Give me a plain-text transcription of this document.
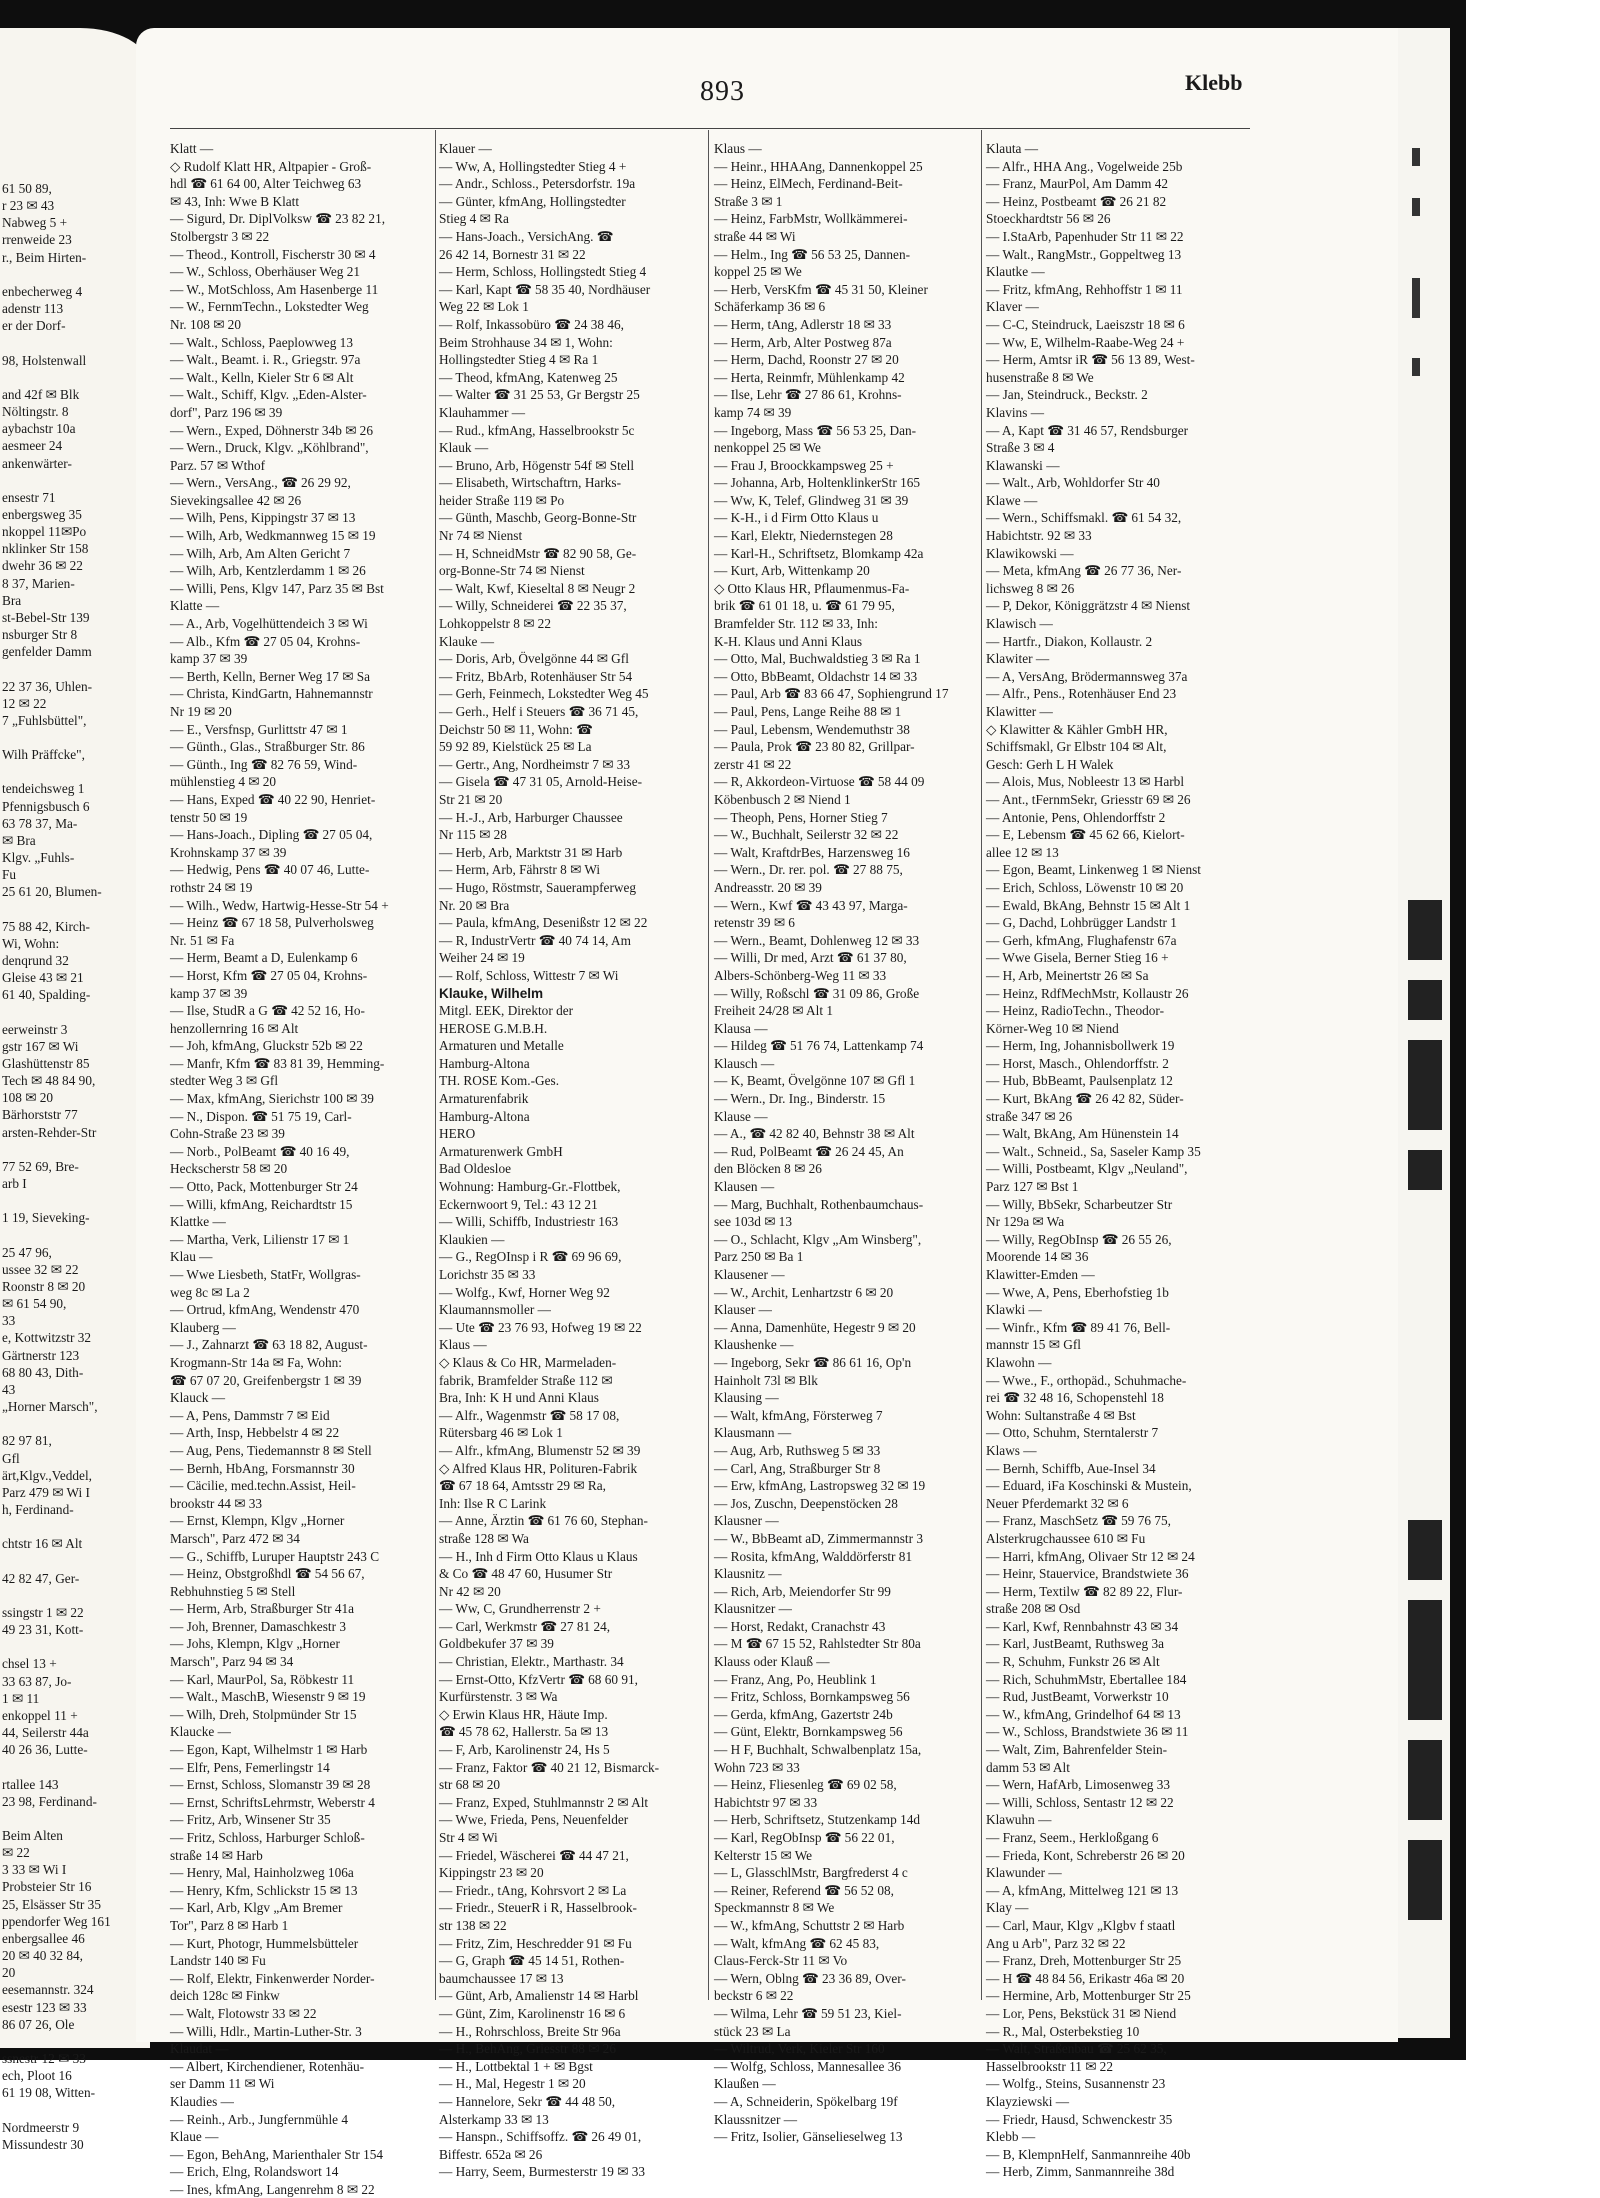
61 50 89,
r 23 ✉ 43
Nabweg 5 +
rrenweide 23
r., Beim Hirten-

enbecherweg 4
adenstr 113
er der Dorf-

98, Holstenwall

and 42f ✉ Blk
Nöltingstr. 8
aybachstr 10a
aesmeer 24
ankenwärter-

ensestr 71
enbergsweg 35
nkoppel 11✉Po
nklinker Str 158
dwehr 36 ✉ 22
8 37, Marien-
Bra
st-Bebel-Str 139
nsburger Str 8
genfelder Damm

22 37 36, Uhlen-
12 ✉ 22
7 „Fuhlsbüttel",

Wilh Präffcke",

tendeichsweg 1
Pfennigsbusch 6
63 78 37, Ma-
✉ Bra
Klgv. „Fuhls-
Fu
25 61 20, Blumen-

75 88 42, Kirch-
Wi, Wohn:
denqrund 32
Gleise 43 ✉ 21
61 40, Spalding-

eerweinstr 3
gstr 167 ✉ Wi
Glashüttenstr 85
Tech ✉ 48 84 90,
108 ✉ 20
Bärhorststr 77
arsten-Rehder-Str

77 52 69, Bre-
arb I

1 19, Sieveking-

25 47 96,
ussee 32 ✉ 22
Roonstr 8 ✉ 20
✉ 61 54 90,
33
e, Kottwitzstr 32
Gärtnerstr 123
68 80 43, Dith-
43
„Horner Marsch",

82 97 81,
Gfl
ärt,Klgv.,Veddel,
Parz 479 ✉ Wi I
h, Ferdinand-

chtstr 16 ✉ Alt

42 82 47, Ger-

ssingstr 1 ✉ 22
49 23 31, Kott-

chsel 13 +
33 63 87, Jo-
1 ✉ 11
enkoppel 11 +
44, Seilerstr 44a
40 26 36, Lutte-

rtallee 143
23 98, Ferdinand-

Beim Alten
✉ 22
3 33 ✉ Wi I
Probsteier Str 16
25, Elsässer Str 35
ppendorfer Weg 161
enbergsallee 46
20 ✉ 40 32 84,
20
eesemannstr. 324
esestr 123 ✉ 33
86 07 26, Ole

ssnestr 12 ✉ 33
ech, Ploot 16
61 19 08, Witten-

Nordmeerstr 9
Missundestr 30
893	Klebb
Klatt —
◇ Rudolf Klatt HR, Altpapier - Groß-
hdl ☎ 61 64 00, Alter Teichweg 63
✉ 43, Inh: Wwe B Klatt
— Sigurd, Dr. DiplVolksw ☎ 23 82 21,
Stolbergstr 3 ✉ 22
— Theod., Kontroll, Fischerstr 30 ✉ 4
— W., Schloss, Oberhäuser Weg 21
— W., MotSchloss, Am Hasenberge 11
— W., FernmTechn., Lokstedter Weg
Nr. 108 ✉ 20
— Walt., Schloss, Paeplowweg 13
— Walt., Beamt. i. R., Griegstr. 97a
— Walt., Kelln, Kieler Str 6 ✉ Alt
— Walt., Schiff, Klgv. „Eden-Alster-
dorf", Parz 196 ✉ 39
— Wern., Exped, Döhnerstr 34b ✉ 26
— Wern., Druck, Klgv. „Köhlbrand",
Parz. 57 ✉ Wthof
— Wern., VersAng., ☎ 26 29 92,
Sievekingsallee 42 ✉ 26
— Wilh, Pens, Kippingstr 37 ✉ 13
— Wilh, Arb, Wedkmannweg 15 ✉ 19
— Wilh, Arb, Am Alten Gericht 7
— Wilh, Arb, Kentzlerdamm 1 ✉ 26
— Willi, Pens, Klgv 147, Parz 35 ✉ Bst
Klatte —
— A., Arb, Vogelhüttendeich 3 ✉ Wi
— Alb., Kfm ☎ 27 05 04, Krohns-
kamp 37 ✉ 39
— Berth, Kelln, Berner Weg 17 ✉ Sa
— Christa, KindGartn, Hahnemannstr
Nr 19 ✉ 20
— E., Versfnsp, Gurlittstr 47 ✉ 1
— Günth., Glas., Straßburger Str. 86
— Günth., Ing ☎ 82 76 59, Wind-
mühlenstieg 4 ✉ 20
— Hans, Exped ☎ 40 22 90, Henriet-
tenstr 50 ✉ 19
— Hans-Joach., Dipling ☎ 27 05 04,
Krohnskamp 37 ✉ 39
— Hedwig, Pens ☎ 40 07 46, Lutte-
rothstr 24 ✉ 19
— Wilh., Wedw, Hartwig-Hesse-Str 54 +
— Heinz ☎ 67 18 58, Pulverholsweg
Nr. 51 ✉ Fa
— Herm, Beamt a D, Eulenkamp 6
— Horst, Kfm ☎ 27 05 04, Krohns-
kamp 37 ✉ 39
— Ilse, StudR a G ☎ 42 52 16, Ho-
henzollernring 16 ✉ Alt
— Joh, kfmAng, Gluckstr 52b ✉ 22
— Manfr, Kfm ☎ 83 81 39, Hemming-
stedter Weg 3 ✉ Gfl
— Max, kfmAng, Sierichstr 100 ✉ 39
— N., Dispon. ☎ 51 75 19, Carl-
Cohn-Straße 23 ✉ 39
— Norb., PolBeamt ☎ 40 16 49,
Heckscherstr 58 ✉ 20
— Otto, Pack, Mottenburger Str 24
— Willi, kfmAng, Reichardtstr 15
Klattke —
— Martha, Verk, Lilienstr 17 ✉ 1
Klau —
— Wwe Liesbeth, StatFr, Wollgras-
weg 8c ✉ La 2
— Ortrud, kfmAng, Wendenstr 470
Klauberg —
— J., Zahnarzt ☎ 63 18 82, August-
Krogmann-Str 14a ✉ Fa, Wohn:
☎ 67 07 20, Greifenbergstr 1 ✉ 39
Klauck —
— A, Pens, Dammstr 7 ✉ Eid
— Arth, Insp, Hebbelstr 4 ✉ 22
— Aug, Pens, Tiedemannstr 8 ✉ Stell
— Bernh, HbAng, Forsmannstr 30
— Cäcilie, med.techn.Assist, Heil-
brookstr 44 ✉ 33
— Ernst, Klempn, Klgv „Horner
Marsch", Parz 472 ✉ 34
— G., Schiffb, Luruper Hauptstr 243 C
— Heinz, Obstgroßhdl ☎ 54 56 67,
Rebhuhnstieg 5 ✉ Stell
— Herm, Arb, Straßburger Str 41a
— Joh, Brenner, Damaschkestr 3
— Johs, Klempn, Klgv „Horner
Marsch", Parz 94 ✉ 34
— Karl, MaurPol, Sa, Röbkestr 11
— Walt., MaschB, Wiesenstr 9 ✉ 19
— Wilh, Dreh, Stolpmünder Str 15
Klaucke —
— Egon, Kapt, Wilhelmstr 1 ✉ Harb
— Elfr, Pens, Femerlingstr 14
— Ernst, Schloss, Slomanstr 39 ✉ 28
— Ernst, SchriftsLehrmstr, Weberstr 4
— Fritz, Arb, Winsener Str 35
— Fritz, Schloss, Harburger Schloß-
straße 14 ✉ Harb
— Henry, Mal, Hainholzweg 106a
— Henry, Kfm, Schlickstr 15 ✉ 13
— Karl, Arb, Klgv „Am Bremer
Tor", Parz 8 ✉ Harb 1
— Kurt, Photogr, Hummelsbütteler
Landstr 140 ✉ Fu
— Rolf, Elektr, Finkenwerder Norder-
deich 128c ✉ Finkw
— Walt, Flotowstr 33 ✉ 22
— Willi, Hdlr., Martin-Luther-Str. 3
Klaudat —
— Albert, Kirchendiener, Rotenhäu-
ser Damm 11 ✉ Wi
Klaudies —
— Reinh., Arb., Jungfernmühle 4
Klaue —
— Egon, BehAng, Marienthaler Str 154
— Erich, Elng, Rolandswort 14
— Ines, kfmAng, Langenrehm 8 ✉ 22
Klauer —
— Ww, A, Hollingstedter Stieg 4 +
— Andr., Schloss., Petersdorfstr. 19a
— Günter, kfmAng, Hollingstedter
Stieg 4 ✉ Ra
— Hans-Joach., VersichAng. ☎
26 42 14, Bornestr 31 ✉ 22
— Herm, Schloss, Hollingstedt Stieg 4
— Karl, Kapt ☎ 58 35 40, Nordhäuser
Weg 22 ✉ Lok 1
— Rolf, Inkassobüro ☎ 24 38 46,
Beim Strohhause 34 ✉ 1, Wohn:
Hollingstedter Stieg 4 ✉ Ra 1
— Theod, kfmAng, Katenweg 25
— Walter ☎ 31 25 53, Gr Bergstr 25
Klauhammer —
— Rud., kfmAng, Hasselbrookstr 5c
Klauk —
— Bruno, Arb, Högenstr 54f ✉ Stell
— Elisabeth, Wirtschaftrn, Harks-
heider Straße 119 ✉ Po
— Günth, Maschb, Georg-Bonne-Str
Nr 74 ✉ Nienst
— H, SchneidMstr ☎ 82 90 58, Ge-
org-Bonne-Str 74 ✉ Nienst
— Walt, Kwf, Kieseltal 8 ✉ Neugr 2
— Willy, Schneiderei ☎ 22 35 37,
Lohkoppelstr 8 ✉ 22
Klauke —
— Doris, Arb, Övelgönne 44 ✉ Gfl
— Fritz, BbArb, Rotenhäuser Str 54
— Gerh, Feinmech, Lokstedter Weg 45
— Gerh., Helf i Steuers ☎ 36 71 45,
Deichstr 50 ✉ 11, Wohn: ☎
59 92 89, Kielstück 25 ✉ La
— Gertr., Ang, Nordheimstr 7 ✉ 33
— Gisela ☎ 47 31 05, Arnold-Heise-
Str 21 ✉ 20
— H.-J., Arb, Harburger Chaussee
Nr 115 ✉ 28
— Herb, Arb, Marktstr 31 ✉ Harb
— Herm, Arb, Fährstr 8 ✉ Wi
— Hugo, Röstmstr, Sauerampferweg
Nr. 20 ✉ Bra
— Paula, kfmAng, Desenißstr 12 ✉ 22
— R, IndustrVertr ☎ 40 74 14, Am
Weiher 24 ✉ 19
— Rolf, Schloss, Wittestr 7 ✉ Wi
Klauke, Wilhelm
Mitgl. EEK, Direktor der
HEROSE G.M.B.H.
Armaturen und Metalle
Hamburg-Altona
TH. ROSE Kom.-Ges.
Armaturenfabrik
Hamburg-Altona
HERO
Armaturenwerk GmbH
Bad Oldesloe
Wohnung: Hamburg-Gr.-Flottbek,
Eckernwoort 9, Tel.: 43 12 21
— Willi, Schiffb, Industriestr 163
Klaukien —
— G., RegOInsp i R ☎ 69 96 69,
Lorichstr 35 ✉ 33
— Wolfg., Kwf, Horner Weg 92
Klaumannsmoller —
— Ute ☎ 23 76 93, Hofweg 19 ✉ 22
Klaus —
◇ Klaus & Co HR, Marmeladen-
fabrik, Bramfelder Straße 112 ✉
Bra, Inh: K H und Anni Klaus
— Alfr., Wagenmstr ☎ 58 17 08,
Rütersbarg 46 ✉ Lok 1
— Alfr., kfmAng, Blumenstr 52 ✉ 39
◇ Alfred Klaus HR, Polituren-Fabrik
☎ 67 18 64, Amtsstr 29 ✉ Ra,
Inh: Ilse R C Larink
— Anne, Ärztin ☎ 61 76 60, Stephan-
straße 128 ✉ Wa
— H., Inh d Firm Otto Klaus u Klaus
& Co ☎ 48 47 60, Husumer Str
Nr 42 ✉ 20
— Ww, C, Grundherrenstr 2 +
— Carl, Werkmstr ☎ 27 81 24,
Goldbekufer 37 ✉ 39
— Christian, Elektr., Marthastr. 34
— Ernst-Otto, KfzVertr ☎ 68 60 91,
Kurfürstenstr. 3 ✉ Wa
◇ Erwin Klaus HR, Häute Imp.
☎ 45 78 62, Hallerstr. 5a ✉ 13
— F, Arb, Karolinenstr 24, Hs 5
— Franz, Faktor ☎ 40 21 12, Bismarck-
str 68 ✉ 20
— Franz, Exped, Stuhlmannstr 2 ✉ Alt
— Wwe, Frieda, Pens, Neuenfelder
Str 4 ✉ Wi
— Friedel, Wäscherei ☎ 44 47 21,
Kippingstr 23 ✉ 20
— Friedr., tAng, Kohrsvort 2 ✉ La
— Friedr., SteuerR i R, Hasselbrook-
str 138 ✉ 22
— Fritz, Zim, Heschredder 91 ✉ Fu
— G, Graph ☎ 45 14 51, Rothen-
baumchaussee 17 ✉ 13
— Günt, Arb, Amalienstr 14 ✉ Harbl
— Günt, Zim, Karolinenstr 16 ✉ 6
— H., Rohrschloss, Breite Str 96a
— H., BehAng, Griesstr 88 ✉ 26
— H., Lottbektal 1 + ✉ Bgst
— H., Mal, Hegestr 1 ✉ 20
— Hannelore, Sekr ☎ 44 48 50,
Alsterkamp 33 ✉ 13
— Hanspn., Schiffsoffz. ☎ 26 49 01,
Biffestr. 652a ✉ 26
— Harry, Seem, Burmesterstr 19 ✉ 33
Klaus —
— Heinr., HHAAng, Dannenkoppel 25
— Heinz, ElMech, Ferdinand-Beit-
Straße 3 ✉ 1
— Heinz, FarbMstr, Wollkämmerei-
straße 44 ✉ Wi
— Helm., Ing ☎ 56 53 25, Dannen-
koppel 25 ✉ We
— Herb, VersKfm ☎ 45 31 50, Kleiner
Schäferkamp 36 ✉ 6
— Herm, tAng, Adlerstr 18 ✉ 33
— Herm, Arb, Alter Postweg 87a
— Herm, Dachd, Roonstr 27 ✉ 20
— Herta, Reinmfr, Mühlenkamp 42
— Ilse, Lehr ☎ 27 86 61, Krohns-
kamp 74 ✉ 39
— Ingeborg, Mass ☎ 56 53 25, Dan-
nenkoppel 25 ✉ We
— Frau J, Broockkampsweg 25 +
— Johanna, Arb, HoltenklinkerStr 165
— Ww, K, Telef, Glindweg 31 ✉ 39
— K-H., i d Firm Otto Klaus u
— Karl, Elektr, Niedernstegen 28
— Karl-H., Schriftsetz, Blomkamp 42a
— Kurt, Arb, Wittenkamp 20
◇ Otto Klaus HR, Pflaumenmus-Fa-
brik ☎ 61 01 18, u. ☎ 61 79 95,
Bramfelder Str. 112 ✉ 33, Inh:
K-H. Klaus und Anni Klaus
— Otto, Mal, Buchwaldstieg 3 ✉ Ra 1
— Otto, BbBeamt, Oldachstr 14 ✉ 33
— Paul, Arb ☎ 83 66 47, Sophiengrund 17
— Paul, Pens, Lange Reihe 88 ✉ 1
— Paul, Lebensm, Wendemuthstr 38
— Paula, Prok ☎ 23 80 82, Grillpar-
zerstr 41 ✉ 22
— R, Akkordeon-Virtuose ☎ 58 44 09
Köbenbusch 2 ✉ Niend 1
— Theoph, Pens, Horner Stieg 7
— W., Buchhalt, Seilerstr 32 ✉ 22
— Walt, KraftdrBes, Harzensweg 16
— Wern., Dr. rer. pol. ☎ 27 88 75,
Andreasstr. 20 ✉ 39
— Wern., Kwf ☎ 43 43 97, Marga-
retenstr 39 ✉ 6
— Wern., Beamt, Dohlenweg 12 ✉ 33
— Willi, Dr med, Arzt ☎ 61 37 80,
Albers-Schönberg-Weg 11 ✉ 33
— Willy, Roßschl ☎ 31 09 86, Große
Freiheit 24/28 ✉ Alt 1
Klausa —
— Hildeg ☎ 51 76 74, Lattenkamp 74
Klausch —
— K, Beamt, Övelgönne 107 ✉ Gfl 1
— Wern., Dr. Ing., Binderstr. 15
Klause —
— A., ☎ 42 82 40, Behnstr 38 ✉ Alt
— Rud, PolBeamt ☎ 26 24 45, An
den Blöcken 8 ✉ 26
Klausen —
— Marg, Buchhalt, Rothenbaumchaus-
see 103d ✉ 13
— O., Schlacht, Klgv „Am Winsberg",
Parz 250 ✉ Ba 1
Klausener —
— W., Archit, Lenhartzstr 6 ✉ 20
Klauser —
— Anna, Damenhüte, Hegestr 9 ✉ 20
Klaushenke —
— Ingeborg, Sekr ☎ 86 61 16, Op'n
Hainholt 73l ✉ Blk
Klausing —
— Walt, kfmAng, Försterweg 7
Klausmann —
— Aug, Arb, Ruthsweg 5 ✉ 33
— Carl, Ang, Straßburger Str 8
— Erw, kfmAng, Lastropsweg 32 ✉ 19
— Jos, Zuschn, Deepenstöcken 28
Klausner —
— W., BbBeamt aD, Zimmermannstr 3
— Rosita, kfmAng, Walddörferstr 81
Klausnitz —
— Rich, Arb, Meiendorfer Str 99
Klausnitzer —
— Horst, Redakt, Cranachstr 43
— M ☎ 67 15 52, Rahlstedter Str 80a
Klauss oder Klauß —
— Franz, Ang, Po, Heublink 1
— Fritz, Schloss, Bornkampsweg 56
— Gerda, kfmAng, Gazertstr 24b
— Günt, Elektr, Bornkampsweg 56
— H F, Buchhalt, Schwalbenplatz 15a,
Wohn 723 ✉ 33
— Heinz, Fliesenleg ☎ 69 02 58,
Habichtstr 97 ✉ 33
— Herb, Schriftsetz, Stutzenkamp 14d
— Karl, RegObInsp ☎ 56 22 01,
Kelterstr 15 ✉ We
— L, GlasschlMstr, Bargfrederst 4 c
— Reiner, Referend ☎ 56 52 08,
Speckmannstr 8 ✉ We
— W., kfmAng, Schuttstr 2 ✉ Harb
— Walt, kfmAng ☎ 62 45 83,
Claus-Ferck-Str 11 ✉ Vo
— Wern, Oblng ☎ 23 36 89, Over-
beckstr 6 ✉ 22
— Wilma, Lehr ☎ 59 51 23, Kiel-
stück 23 ✉ La
— Wiltrud, Verk, Kieler Str 160
— Wolfg, Schloss, Mannesallee 36
Klaußen —
— A, Schneiderin, Spökelbarg 19f
Klaussnitzer —
— Fritz, Isolier, Gänselieselweg 13
Klauta —
— Alfr., HHA Ang., Vogelweide 25b
— Franz, MaurPol, Am Damm 42
— Heinz, Postbeamt ☎ 26 21 82
Stoeckhardtstr 56 ✉ 26
— I.StaArb, Papenhuder Str 11 ✉ 22
— Walt., RangMstr., Goppeltweg 13
Klautke —
— Fritz, kfmAng, Rehhoffstr 1 ✉ 11
Klaver —
— C-C, Steindruck, Laeiszstr 18 ✉ 6
— Ww, E, Wilhelm-Raabe-Weg 24 +
— Herm, Amtsr iR ☎ 56 13 89, West-
husenstraße 8 ✉ We
— Jan, Steindruck., Beckstr. 2
Klavins —
— A, Kapt ☎ 31 46 57, Rendsburger
Straße 3 ✉ 4
Klawanski —
— Walt., Arb, Wohldorfer Str 40
Klawe —
— Wern., Schiffsmakl. ☎ 61 54 32,
Habichtstr. 92 ✉ 33
Klawikowski —
— Meta, kfmAng ☎ 26 77 36, Ner-
lichsweg 8 ✉ 26
— P, Dekor, Königgrätzstr 4 ✉ Nienst
Klawisch —
— Hartfr., Diakon, Kollaustr. 2
Klawiter —
— A, VersAng, Brödermannsweg 37a
— Alfr., Pens., Rotenhäuser End 23
Klawitter —
◇ Klawitter & Kähler GmbH HR,
Schiffsmakl, Gr Elbstr 104 ✉ Alt,
Gesch: Gerh L H Walek
— Alois, Mus, Nobleestr 13 ✉ Harbl
— Ant., tFernmSekr, Griesstr 69 ✉ 26
— Antonie, Pens, Ohlendorffstr 2
— E, Lebensm ☎ 45 62 66, Kielort-
allee 12 ✉ 13
— Egon, Beamt, Linkenweg 1 ✉ Nienst
— Erich, Schloss, Löwenstr 10 ✉ 20
— Ewald, BkAng, Behnstr 15 ✉ Alt 1
— G, Dachd, Lohbrügger Landstr 1
— Gerh, kfmAng, Flughafenstr 67a
— Wwe Gisela, Berner Stieg 16 +
— H, Arb, Meinertstr 26 ✉ Sa
— Heinz, RdfMechMstr, Kollaustr 26
— Heinz, RadioTechn., Theodor-
Körner-Weg 10 ✉ Niend
— Herm, Ing, Johannisbollwerk 19
— Horst, Masch., Ohlendorffstr. 2
— Hub, BbBeamt, Paulsenplatz 12
— Kurt, BkAng ☎ 26 42 82, Süder-
straße 347 ✉ 26
— Walt, BkAng, Am Hünenstein 14
— Walt., Schneid., Sa, Saseler Kamp 35
— Willi, Postbeamt, Klgv „Neuland",
Parz 127 ✉ Bst 1
— Willy, BbSekr, Scharbeutzer Str
Nr 129a ✉ Wa
— Willy, RegObInsp ☎ 26 55 26,
Moorende 14 ✉ 36
Klawitter-Emden —
— Wwe, A, Pens, Eberhofstieg 1b
Klawki —
— Winfr., Kfm ☎ 89 41 76, Bell-
mannstr 15 ✉ Gfl
Klawohn —
— Wwe., F., orthopäd., Schuhmache-
rei ☎ 32 48 16, Schopenstehl 18
Wohn: Sultanstraße 4 ✉ Bst
— Otto, Schuhm, Sterntalerstr 7
Klaws —
— Bernh, Schiffb, Aue-Insel 34
— Eduard, iFa Koschinski & Mustein,
Neuer Pferdemarkt 32 ✉ 6
— Franz, MaschSetz ☎ 59 76 75,
Alsterkrugchaussee 610 ✉ Fu
— Harri, kfmAng, Olivaer Str 12 ✉ 24
— Heinr, Stauervice, Brandstwiete 36
— Herm, Textilw ☎ 82 89 22, Flur-
straße 208 ✉ Osd
— Karl, Kwf, Rennbahnstr 43 ✉ 34
— Karl, JustBeamt, Ruthsweg 3a
— R, Schuhm, Funkstr 26 ✉ Alt
— Rich, SchuhmMstr, Ebertallee 184
— Rud, JustBeamt, Vorwerkstr 10
— W., kfmAng, Grindelhof 64 ✉ 13
— W., Schloss, Brandstwiete 36 ✉ 11
— Walt, Zim, Bahrenfelder Stein-
damm 53 ✉ Alt
— Wern, HafArb, Limosenweg 33
— Willi, Schloss, Sentastr 12 ✉ 22
Klawuhn —
— Franz, Seem., Herkloßgang 6
— Frieda, Kont, Schreberstr 26 ✉ 20
Klawunder —
— A, kfmAng, Mittelweg 121 ✉ 13
Klay —
— Carl, Maur, Klgv „Klgbv f staatl
Ang u Arb", Parz 32 ✉ 22
— Franz, Dreh, Mottenburger Str 25
— H ☎ 48 84 56, Erikastr 46a ✉ 20
— Hermine, Arb, Mottenburger Str 25
— Lor, Pens, Bekstück 31 ✉ Niend
— R., Mal, Osterbekstieg 10
— Walt, Straßenbau ☎ 25 62 35,
Hasselbrookstr 11 ✉ 22
— Wolfg., Steins, Susannenstr 23
Klayziewski —
— Friedr, Hausd, Schwenckestr 35
Klebb —
— B, KlempnHelf, Sanmannreihe 40b
— Herb, Zimm, Sanmannreihe 38d
